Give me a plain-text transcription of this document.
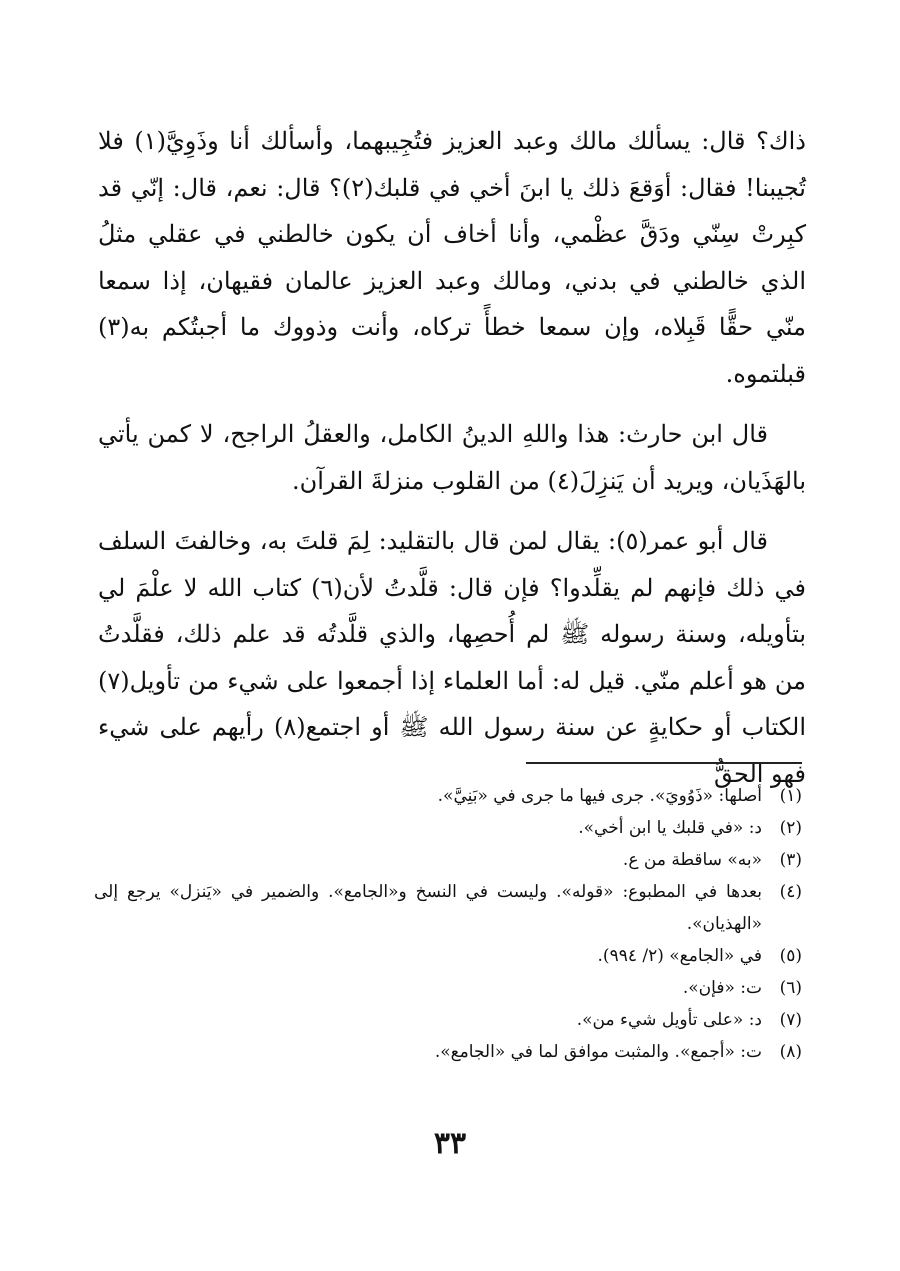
ذاك؟ قال: يسألك مالك وعبد العزيز فتُجِيبهما، وأسألك أنا وذَوِيَّ(١) فلا تُجيبنا! فقال: أوَقعَ ذلك يا ابنَ أخي في قلبك(٢)؟ قال: نعم، قال: إنّي قد كبِرتْ سِنّي ودَقَّ عظْمي، وأنا أخاف أن يكون خالطني في عقلي مثلُ الذي خالطني في بدني، ومالك وعبد العزيز عالمان فقيهان، إذا سمعا منّي حقًّا قَبِلاه، وإن سمعا خطأً تركاه، وأنت وذووك ما أجبتُكم به(٣) قبلتموه.

قال ابن حارث: هذا واللهِ الدينُ الكامل، والعقلُ الراجح، لا كمن يأتي بالهَذَيان، ويريد أن يَنزِلَ(٤) من القلوب منزلةَ القرآن.

قال أبو عمر(٥): يقال لمن قال بالتقليد: لِمَ قلتَ به، وخالفتَ السلف في ذلك فإنهم لم يقلِّدوا؟ فإن قال: قلَّدتُ لأن(٦) كتاب الله لا علْمَ لي بتأويله، وسنة رسوله ﷺ لم أُحصِها، والذي قلَّدتُه قد علم ذلك، فقلَّدتُ من هو أعلم منّي. قيل له: أما العلماء إذا أجمعوا على شيء من تأويل(٧) الكتاب أو حكايةٍ عن سنة رسول الله ﷺ أو اجتمع(٨) رأيهم على شيء فهو الحقُّ

(١)
أصلها: «ذَوُويَ». جرى فيها ما جرى في «بَنِيَّ».
(٢)
د: «في قلبك يا ابن أخي».
(٣)
«به» ساقطة من ع.
(٤)
بعدها في المطبوع: «قوله». وليست في النسخ و«الجامع». والضمير في «يَنزل» يرجع إلى «الهذيان».
(٥)
في «الجامع» (٢/ ٩٩٤).
(٦)
ت: «فإن».
(٧)
د: «على تأويل شيء من».
(٨)
ت: «أجمع». والمثبت موافق لما في «الجامع».
٣٣
